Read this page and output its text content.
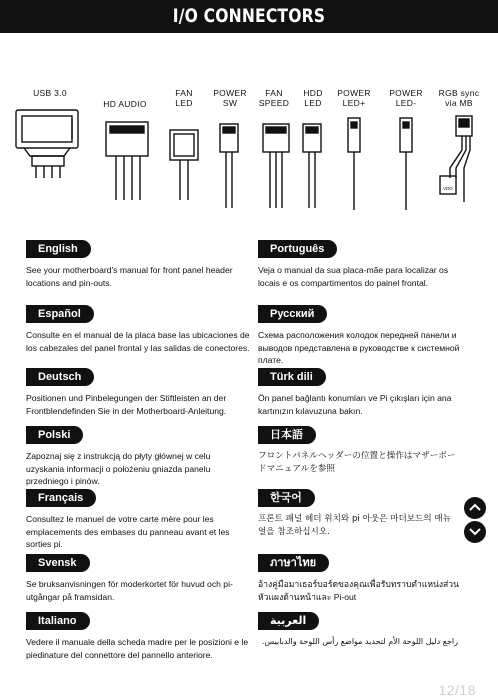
I/O CONNECTORS
USB 3.0
HD AUDIO
FAN
LED
POWER
SW
FAN
SPEED
HDD
LED
POWER
LED+
POWER
LED-
RGB sync
via MB
VDG
English
See your motherboard's manual for front panel header locations and pin-outs.
Português
Veja o manual da sua placa-mãe para localizar os locais e os compartimentos do painel frontal.
Español
Consulte en el manual de la placa base las ubicaciones de los cabezales del panel frontal y las salidas de conectores.
Русский
Схема расположения колодок передней панели и выводов представлена в руководстве к системной плате.
Deutsch
Positionen und Pinbelegungen der Stiftleisten an der Frontblendefinden Sie in der Motherboard-Anleitung.
Türk dili
Ön panel bağlantı konumları ve Pi çıkışları için ana kartınızın kılavuzuna bakın.
Polski
Zapoznaj się z instrukcją do płyty głównej w celu uzyskania informacji o położeniu gniazda panelu przedniego i pinów.
日本語
フロントパネルヘッダーの位置と操作はマザーボードマニュアルを参照
Français
Consultez le manuel de votre carte mère pour les emplacements des embases du panneau avant et les sorties pi.
한국어
프론트 패널 헤더 위치와 pi 아웃은 마더보드의 매뉴얼을 참조하십시오.
Svensk
Se bruksanvisningen för moderkortet för huvud och pi-utgångar på framsidan.
ภาษาไทย
อ้างคู่มือมาเธอร์บอร์ดของคุณเพื่อรับทราบตำแหน่งส่วนหัวแผงด้านหน้าและ Pi-out
Italiano
Vedere il manuale della scheda madre per le posizioni e le piedinature del connettore del pannello anteriore.
العربية
راجع دليل اللوحة الأم لتحديد مواضع رأس اللوحة والدبابيس.
12/18
